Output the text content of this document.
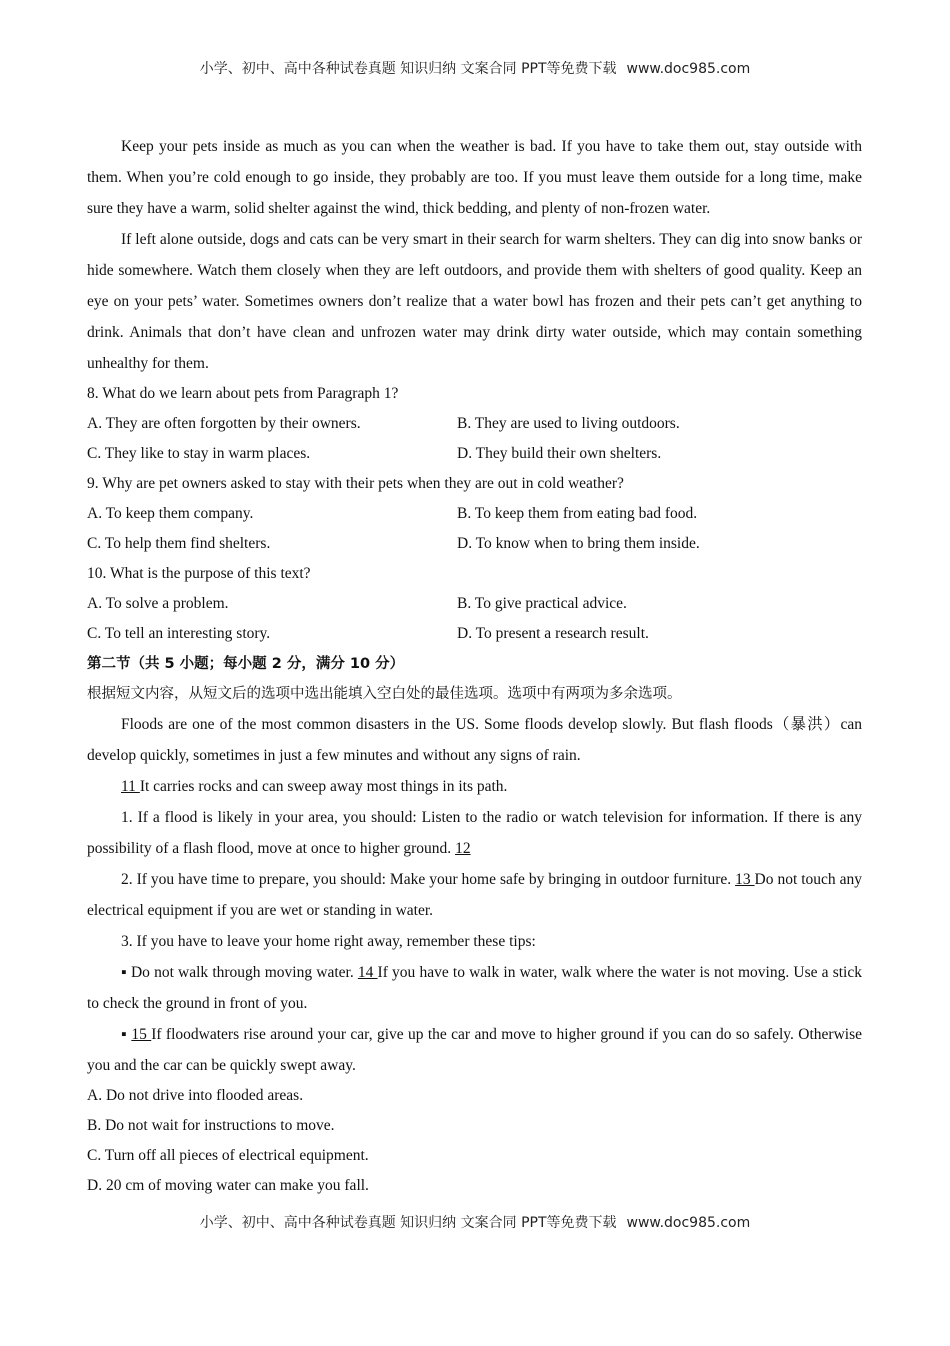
小学、初中、高中各种试卷真题 知识归纳 文案合同 PPT等免费下载 www.doc985.com

Keep your pets inside as much as you can when the weather is bad. If you have to take them out, stay outside with them. When you’re cold enough to go inside, they probably are too. If you must leave them outside for a long time, make sure they have a warm, solid shelter against the wind, thick bedding, and plenty of non-frozen water.

If left alone outside, dogs and cats can be very smart in their search for warm shelters. They can dig into snow banks or hide somewhere. Watch them closely when they are left outdoors, and provide them with shelters of good quality. Keep an eye on your pets’ water. Sometimes owners don’t realize that a water bowl has frozen and their pets can’t get anything to drink. Animals that don’t have clean and unfrozen water may drink dirty water outside, which may contain something unhealthy for them.

8. What do we learn about pets from Paragraph 1?
A. They are often forgotten by their owners.	B. They are used to living outdoors.
C. They like to stay in warm places.	D. They build their own shelters.
9. Why are pet owners asked to stay with their pets when they are out in cold weather?
A. To keep them company.	B. To keep them from eating bad food.
C. To help them find shelters.	D. To know when to bring them inside.
10. What is the purpose of this text?
A. To solve a problem.	B. To give practical advice.
C. To tell an interesting story.	D. To present a research result.
第二节（共 5 小题；每小题 2 分，满分 10 分）
根据短文内容，从短文后的选项中选出能填入空白处的最佳选项。选项中有两项为多余选项。

Floods are one of the most common disasters in the US. Some floods develop slowly. But flash floods（暴洪）can develop quickly, sometimes in just a few minutes and without any signs of rain.

11 It carries rocks and can sweep away most things in its path.

1. If a flood is likely in your area, you should: Listen to the radio or watch television for information. If there is any possibility of a flash flood, move at once to higher ground. 12

2. If you have time to prepare, you should: Make your home safe by bringing in outdoor furniture. 13 Do not touch any electrical equipment if you are wet or standing in water.

3. If you have to leave your home right away, remember these tips:

▪ Do not walk through moving water. 14 If you have to walk in water, walk where the water is not moving. Use a stick to check the ground in front of you.

▪ 15 If floodwaters rise around your car, give up the car and move to higher ground if you can do so safely. Otherwise you and the car can be quickly swept away.

A. Do not drive into flooded areas.
B. Do not wait for instructions to move.
C. Turn off all pieces of electrical equipment.
D. 20 cm of moving water can make you fall.
小学、初中、高中各种试卷真题 知识归纳 文案合同 PPT等免费下载 www.doc985.com
